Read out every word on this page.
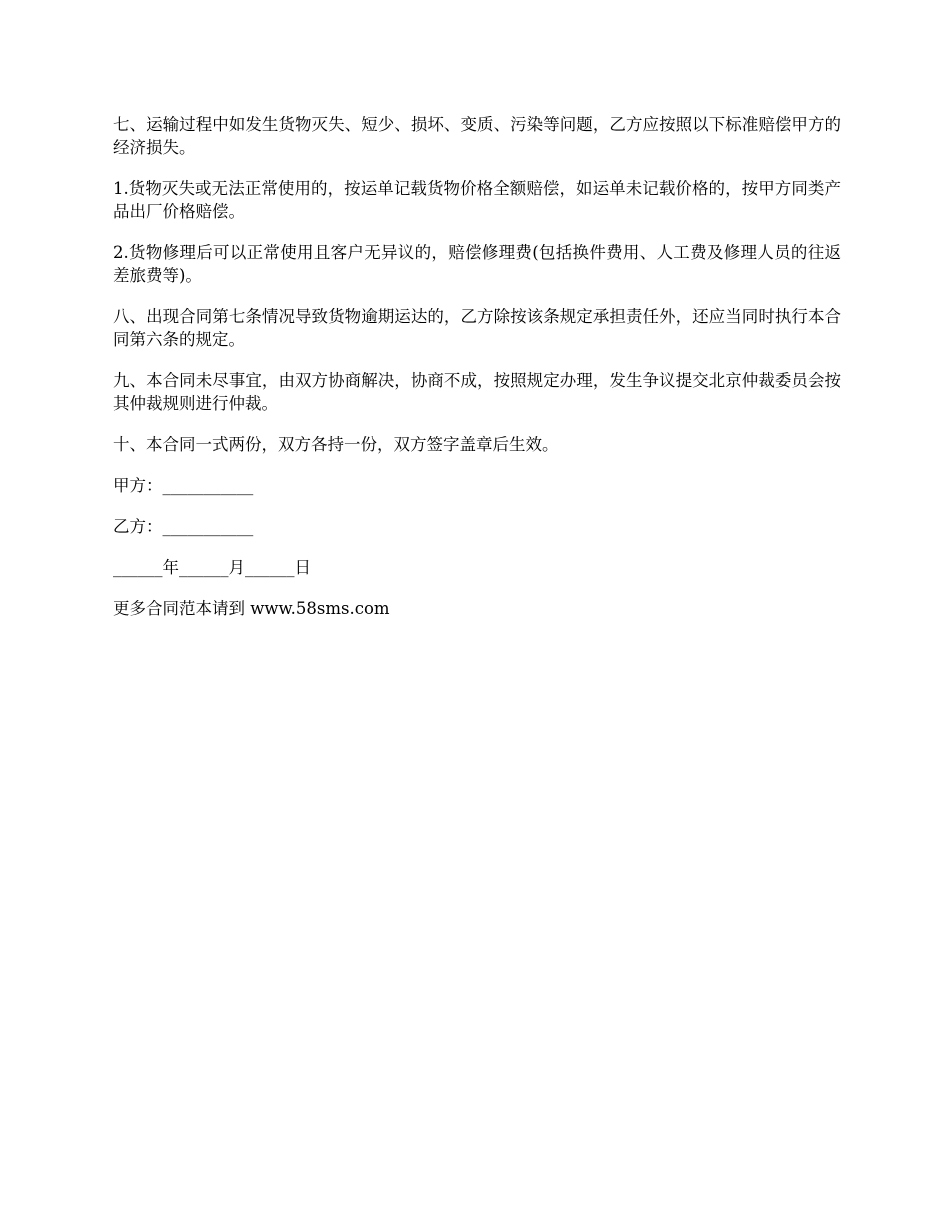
七、运输过程中如发生货物灭失、短少、损坏、变质、污染等问题，乙方应按照以下标准赔偿甲方的经济损失。

1.货物灭失或无法正常使用的，按运单记载货物价格全额赔偿，如运单未记载价格的，按甲方同类产品出厂价格赔偿。

2.货物修理后可以正常使用且客户无异议的，赔偿修理费(包括换件费用、人工费及修理人员的往返差旅费等)。

八、出现合同第七条情况导致货物逾期运达的，乙方除按该条规定承担责任外，还应当同时执行本合同第六条的规定。

九、本合同未尽事宜，由双方协商解决，协商不成，按照规定办理，发生争议提交北京仲裁委员会按其仲裁规则进行仲裁。

十、本合同一式两份，双方各持一份，双方签字盖章后生效。

甲方：___________

乙方：___________

______年______月______日

更多合同范本请到 www.58sms.com
